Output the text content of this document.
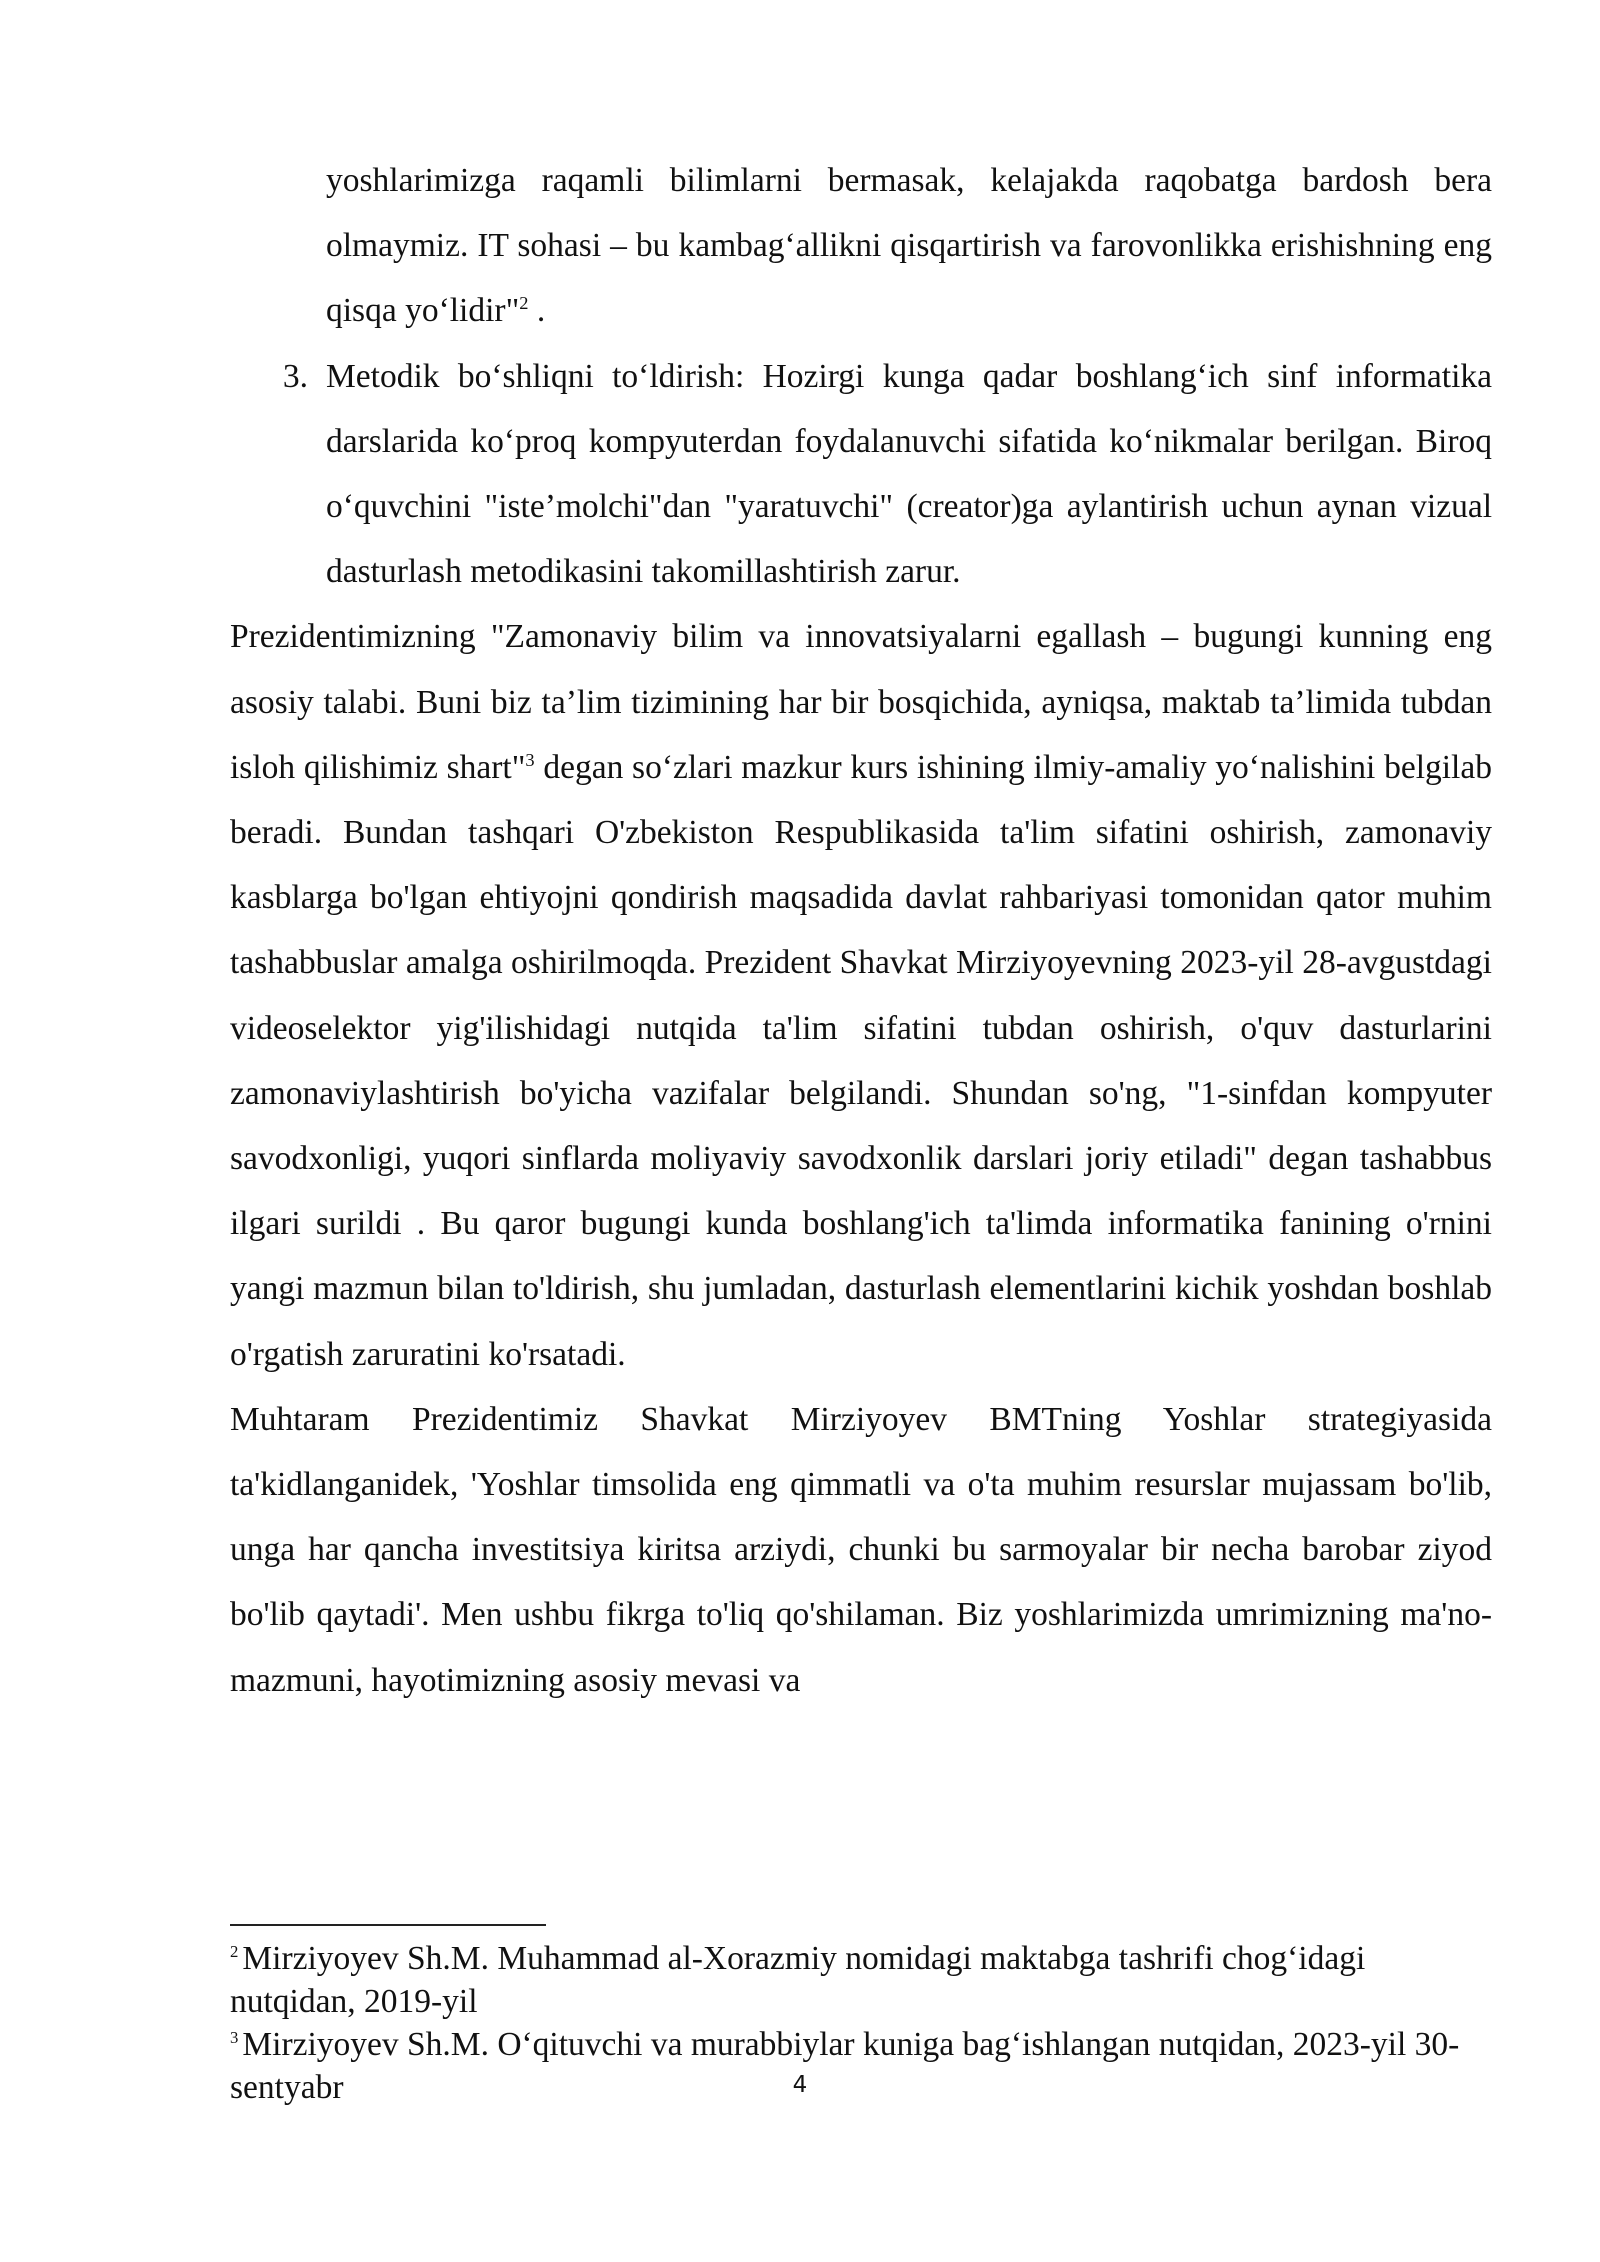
yoshlarimizga raqamli bilimlarni bermasak, kelajakda raqobatga bardosh bera olmaymiz. IT sohasi – bu kambag‘allikni qisqartirish va farovonlikka erishishning eng qisqa yo‘lidir"$^2$ .

3. Metodik bo‘shliqni to‘ldirish: Hozirgi kunga qadar boshlang‘ich sinf informatika darslarida ko‘proq kompyuterdan foydalanuvchi sifatida ko‘nikmalar berilgan. Biroq o‘quvchini "iste’molchi"dan "yaratuvchi" (creator)ga aylantirish uchun aynan vizual dasturlash metodikasini takomillashtirish zarur.

Prezidentimizning "Zamonaviy bilim va innovatsiyalarni egallash – bugungi kunning eng asosiy talabi. Buni biz ta’lim tizimining har bir bosqichida, ayniqsa, maktab ta’limida tubdan isloh qilishimiz shart"$^3$ degan so‘zlari mazkur kurs ishining ilmiy-amaliy yo‘nalishini belgilab beradi. Bundan tashqari O'zbekiston Respublikasida ta'lim sifatini oshirish, zamonaviy kasblarga bo'lgan ehtiyojni qondirish maqsadida davlat rahbariyasi tomonidan qator muhim tashabbuslar amalga oshirilmoqda. Prezident Shavkat Mirziyoyevning 2023-yil 28-avgustdagi videoselektor yig'ilishidagi nutqida ta'lim sifatini tubdan oshirish, o'quv dasturlarini zamonaviylashtirish bo'yicha vazifalar belgilandi. Shundan so'ng, "1-sinfdan kompyuter savodxonligi, yuqori sinflarda moliyaviy savodxonlik darslari joriy etiladi" degan tashabbus ilgari surildi . Bu qaror bugungi kunda boshlang'ich ta'limda informatika fanining o'rnini yangi mazmun bilan to'ldirish, shu jumladan, dasturlash elementlarini kichik yoshdan boshlab o'rgatish zaruratini ko'rsatadi.

Muhtaram Prezidentimiz Shavkat Mirziyoyev BMTning Yoshlar strategiyasida ta'kidlanganidek, 'Yoshlar timsolida eng qimmatli va o'ta muhim resurslar mujassam bo'lib, unga har qancha investitsiya kiritsa arziydi, chunki bu sarmoyalar bir necha barobar ziyod bo'lib qaytadi'. Men ushbu fikrga to'liq qo'shilaman. Biz yoshlarimizda umrimizning ma'no-mazmuni, hayotimizning asosiy mevasi va

$^2$ Mirziyoyev Sh.M. Muhammad al-Xorazmiy nomidagi maktabga tashrifi chog‘idagi nutqidan, 2019-yil

$^3$ Mirziyoyev Sh.M. O‘qituvchi va murabbiylar kuniga bag‘ishlangan nutqidan, 2023-yil 30-sentyabr	4
